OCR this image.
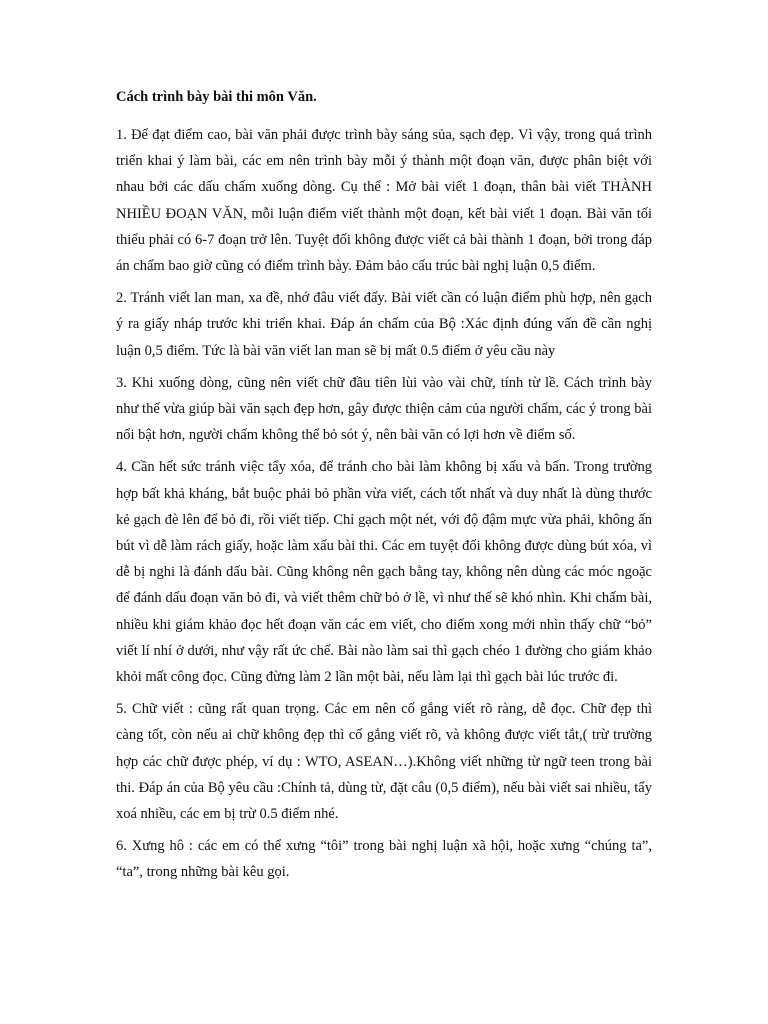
Cách trình bày bài thi môn Văn.

1. Để đạt điểm cao, bài văn phải được trình bày sáng sủa, sạch đẹp. Vì vậy, trong quá trình triển khai ý làm bài, các em nên trình bày mỗi ý thành một đoạn văn, được phân biệt với nhau bởi các dấu chấm xuống dòng. Cụ thể : Mở bài viết 1 đoạn, thân bài viết THÀNH NHIỀU ĐOẠN VĂN, mỗi luận điểm viết thành một đoạn, kết bài viết 1 đoạn. Bài văn tối thiểu phải có 6-7 đoạn trở lên. Tuyệt đối không được viết cả bài thành 1 đoạn, bởi trong đáp án chấm bao giờ cũng có điểm trình bày. Đảm bảo cấu trúc bài nghị luận 0,5 điểm.

2. Tránh viết lan man, xa đề, nhớ đâu viết đấy. Bài viết cần có luận điểm phù hợp, nên gạch ý ra giấy nháp trước khi triển khai. Đáp án chấm của Bộ :Xác định đúng vấn đề cần nghị luận 0,5 điểm. Tức là bài văn viết lan man sẽ bị mất 0.5 điểm ở yêu cầu này

3. Khi xuống dòng, cũng nên viết chữ đầu tiên lùi vào vài chữ, tính từ lề. Cách trình bày như thế vừa giúp bài văn sạch đẹp hơn, gây được thiện cảm của người chấm, các ý trong bài nổi bật hơn, người chấm không thể bỏ sót ý, nên bài văn có lợi hơn về điểm số.

4. Cần hết sức tránh việc tẩy xóa, để tránh cho bài làm không bị xấu và bẩn. Trong trường hợp bất khả kháng, bắt buộc phải bỏ phần vừa viết, cách tốt nhất và duy nhất là dùng thước kẻ gạch đè lên để bỏ đi, rồi viết tiếp. Chỉ gạch một nét, với độ đậm mực vừa phải, không ấn bút vì dễ làm rách giấy, hoặc làm xấu bài thi. Các em tuyệt đối không được dùng bút xóa, vì dễ bị nghi là đánh dấu bài. Cũng không nên gạch bằng tay, không nên dùng các móc ngoặc để đánh dấu đoạn văn bỏ đi, và viết thêm chữ bỏ ở lề, vì như thế sẽ khó nhìn. Khi chấm bài, nhiều khi giám khảo đọc hết đoạn văn các em viết, cho điểm xong mới nhìn thấy chữ “bỏ” viết lí nhí ở dưới, như vậy rất ức chế. Bài nào làm sai thì gạch chéo 1 đường cho giám khảo khỏi mất công đọc. Cũng đừng làm 2 lần một bài, nếu làm lại thì gạch bài lúc trước đi.

5. Chữ viết : cũng rất quan trọng. Các em nên cố gắng viết rõ ràng, dễ đọc. Chữ đẹp thì càng tốt, còn nếu ai chữ không đẹp thì cố gắng viết rõ, và không được viết tắt,( trừ trường hợp các chữ được phép, ví dụ : WTO, ASEAN…).Không viết những từ ngữ teen trong bài thi. Đáp án của Bộ yêu cầu :Chính tả, dùng từ, đặt câu (0,5 điểm), nếu bài viết sai nhiều, tẩy xoá nhiều, các em bị trừ 0.5 điểm nhé.

6. Xưng hô : các em có thể xưng “tôi” trong bài nghị luận xã hội, hoặc xưng “chúng ta”, “ta”, trong những bài kêu gọi.
